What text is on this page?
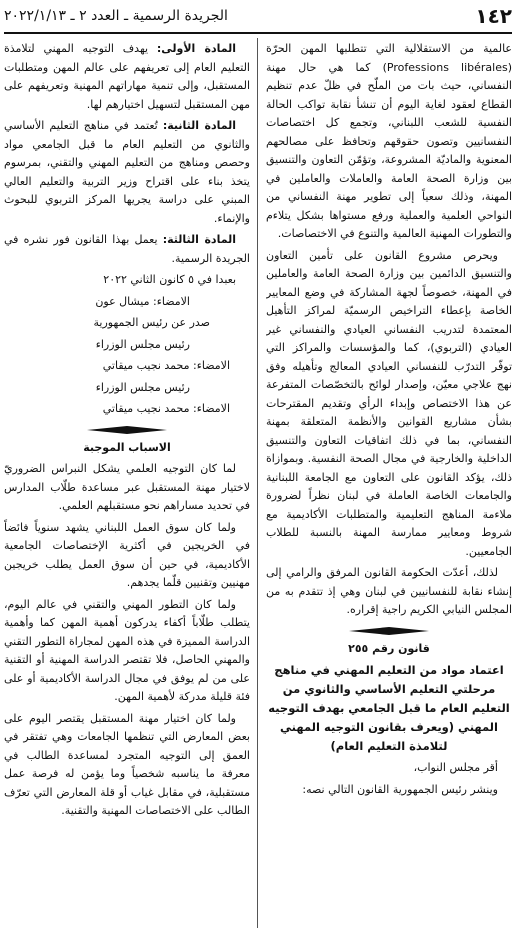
١٤٢
الجريدة الرسمية ـ العدد ٢ ـ ٢٠٢٢/١/١٣

عالمية من الاستقلالية التي تتطلبها المهن الحرّة (Professions libérales) كما هي حال مهنة النفساني، حيث بات من الملّح في ظلّ عدم تنظيم القطاع لعقود لغاية اليوم أن تنشأ نقابة تواكب الحالة النفسية للشعب اللبناني، وتجمع كل اختصاصات النفسانيين وتصون حقوقهم وتحافظ على مصالحهم المعنوية والماديّة المشروعة، وتؤمّن التعاون والتنسيق بين وزارة الصحة العامة والعاملات والعاملين في المهنة، وذلك سعياً إلى تطوير مهنة النفساني من النواحي العلمية والعملية ورفع مستواها بشكل يتلاءم والتطورات المهنية العالمية والتنوع في الاختصاصات.

ويحرص مشروع القانون على تأمين التعاون والتنسيق الدائمين بين وزارة الصحة العامة والعاملين في المهنة، خصوصاً لجهة المشاركة في وضع المعايير الخاصة بإعطاء التراخيص الرسميّة لمراكز التأهيل المعتمدة لتدريب النفساني العيادي والنفساني غير العيادي (التربوي)، كما والمؤسسات والمراكز التي توفّر التدرّب للنفساني العيادي المعالج وتأهيله وفق نهج علاجي معيّن، وإصدار لوائح بالتخصّصات المتفرعة عن هذا الاختصاص وإبداء الرأي وتقديم المقترحات بشأن مشاريع القوانين والأنظمة المتعلقة بمهنة النفساني، بما في ذلك اتفاقيات التعاون والتنسيق الداخلية والخارجية في مجال الصحة النفسية. وبموازاة ذلك، يؤكد القانون على التعاون مع الجامعة اللبنانية والجامعات الخاصة العاملة في لبنان نظراً لضرورة ملاءمة المناهج التعليمية والمتطلبات الأكاديمية مع شروط ومعايير ممارسة المهنة بالنسبة للطلاب الجامعيين.

لذلك، أعدّت الحكومة القانون المرفق والرامي إلى إنشاء نقابة للنفسانيين في لبنان وهي إذ تتقدم به من المجلس النيابي الكريم راجية إقراره.

قانون رقم ٢٥٥

اعتماد مواد من التعليم المهني في مناهج مرحلتي التعليم الأساسي والثانوي من التعليم العام ما قبل الجامعي بهدف التوجيه المهني (ويعرف بقانون التوجيه المهني لتلامذة التعليم العام)

أقر مجلس النواب،

وينشر رئيس الجمهورية القانون التالي نصه:

المادة الأولى: يهدف التوجيه المهني لتلامذة التعليم العام إلى تعريفهم على عالم المهن ومتطلبات المستقبل، وإلى تنمية مهاراتهم المهنية وتعريفهم على مهن المستقبل لتسهيل اختيارهم لها.

المادة الثانية: تُعتمد في مناهج التعليم الأساسي والثانوي من التعليم العام ما قبل الجامعي مواد وحصص ومناهج من التعليم المهني والتقني، بمرسوم يتخذ بناء على اقتراح وزير التربية والتعليم العالي المبني على دراسة يجريها المركز التربوي للبحوث والإنماء.

المادة الثالثة: يعمل بهذا القانون فور نشره في الجريدة الرسمية.

بعبدا في ٥ كانون الثاني ٢٠٢٢

الامضاء: ميشال عون

صدر عن رئيس الجمهورية

رئيس مجلس الوزراء

الامضاء: محمد نجيب ميقاتي

رئيس مجلس الوزراء

الامضاء: محمد نجيب ميقاتي

الاسباب الموجبة

لما كان التوجيه العلمي يشكل النبراس الضروريّ لاختيار مهنة المستقبل عبر مساعدة طلّاب المدارس في تحديد مساراهم نحو مستقبلهم العلمي.

ولما كان سوق العمل اللبناني يشهد سنوياً فائضاً في الخريجين في أكثرية الإختصاصات الجامعية الأكاديمية، في حين أن سوق العمل يطلب خريجين مهنيين وتقنيين قلّما يجدهم.

ولما كان التطور المهني والتقني في عالم اليوم، يتطلب طلّاباً أكفاء يدركون أهمية المهن كما وأهمية الدراسة المميزة في هذه المهن لمجاراة التطور التقني والمهني الحاصل، فلا تقتصر الدراسة المهنية أو التقنية على من لم يوفق في مجال الدراسة الأكاديمية أو على فئة قليلة مدركة لأهمية المهن.

ولما كان اختيار مهنة المستقبل يقتصر اليوم على بعض المعارض التي تنظمها الجامعات وهي تفتقر في العمق إلى التوجيه المتجرد لمساعدة الطالب في معرفة ما يناسبه شخصياً وما يؤمن له فرصة عمل مستقبلية، في مقابل غياب أو قلة المعارض التي تعرّف الطالب على الاختصاصات المهنية والتقنية.
